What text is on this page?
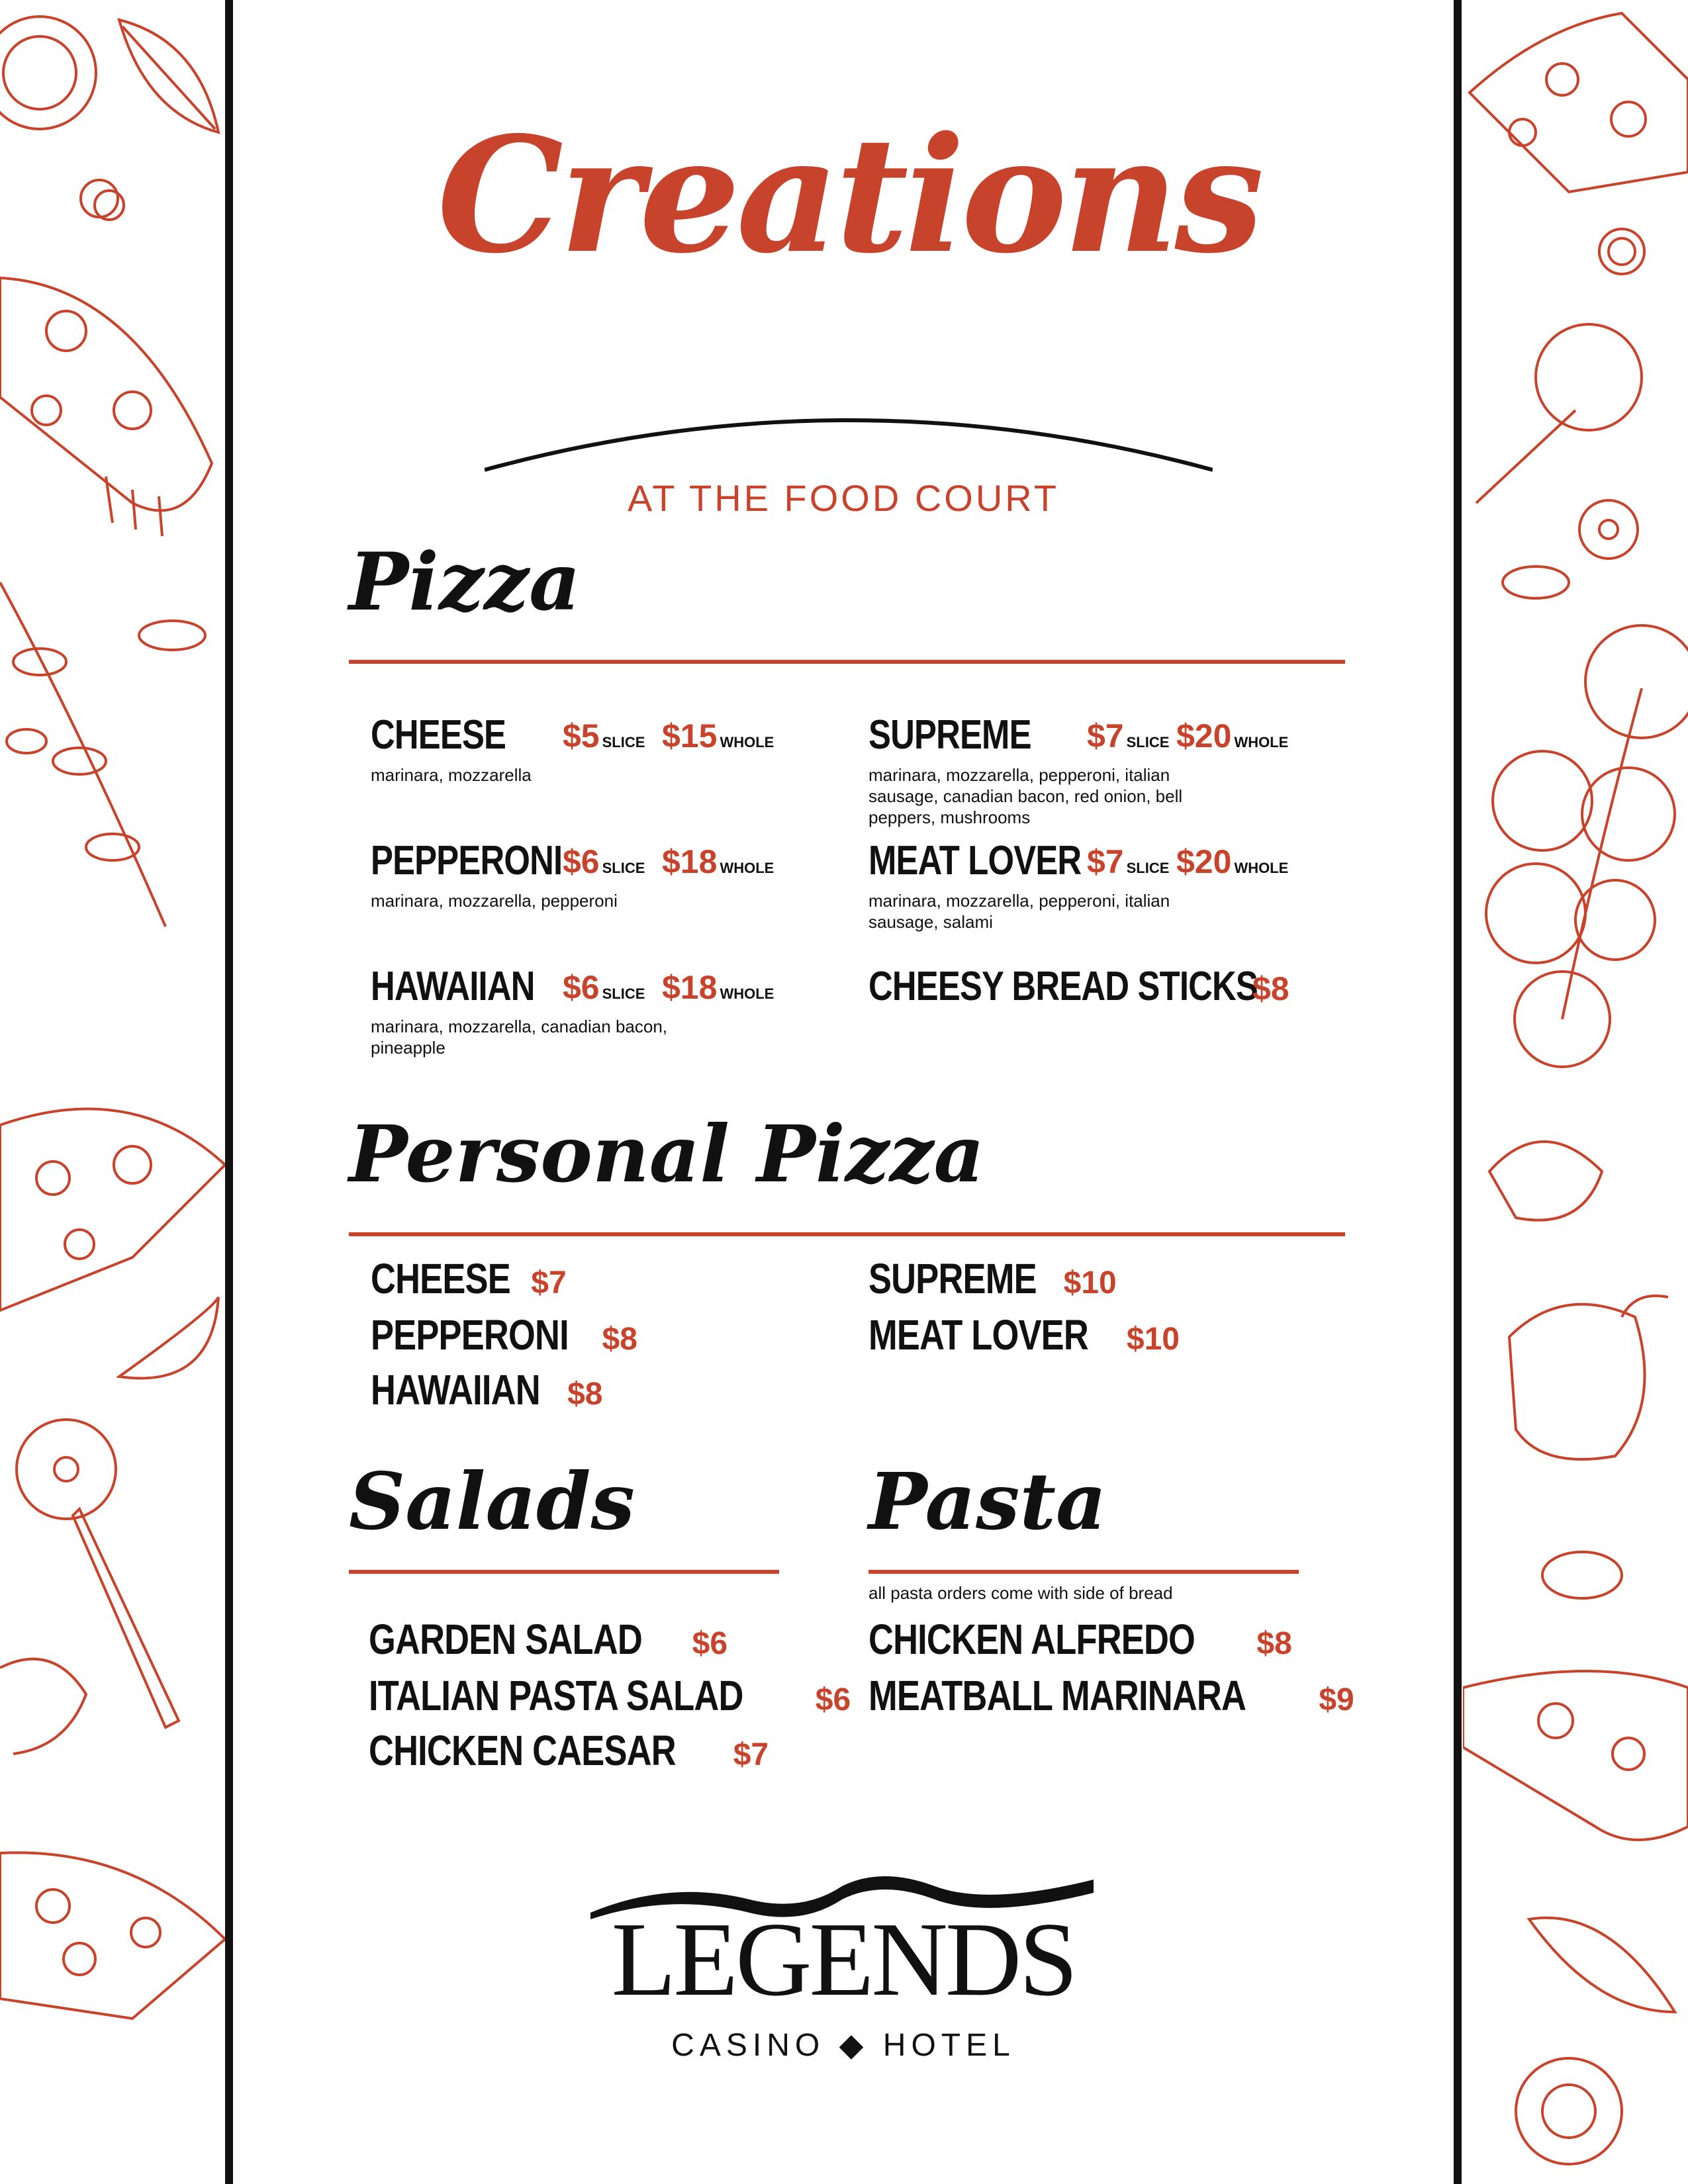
Creations
AT THE FOOD COURT
Pizza
CHEESE $5 SLICE $15 WHOLE
marinara, mozzarella
PEPPERONI $6 SLICE $18 WHOLE
marinara, mozzarella, pepperoni
HAWAIIAN $6 SLICE $18 WHOLE
marinara, mozzarella, canadian bacon, pineapple
SUPREME $7 SLICE $20 WHOLE
marinara, mozzarella, pepperoni, italian sausage, canadian bacon, red onion, bell peppers, mushrooms
MEAT LOVER $7 SLICE $20 WHOLE
marinara, mozzarella, pepperoni, italian sausage, salami
CHEESY BREAD STICKS
$8
Personal Pizza
CHEESE $7
PEPPERONI $8
HAWAIIAN $8
SUPREME $10
MEAT LOVER $10
Salads
GARDEN SALAD $6
ITALIAN PASTA SALAD $6
CHICKEN CAESAR $7
Pasta
all pasta orders come with side of bread
CHICKEN ALFREDO $8
MEATBALL MARINARA $9
LEGENDS
CASINO ◆ HOTEL
